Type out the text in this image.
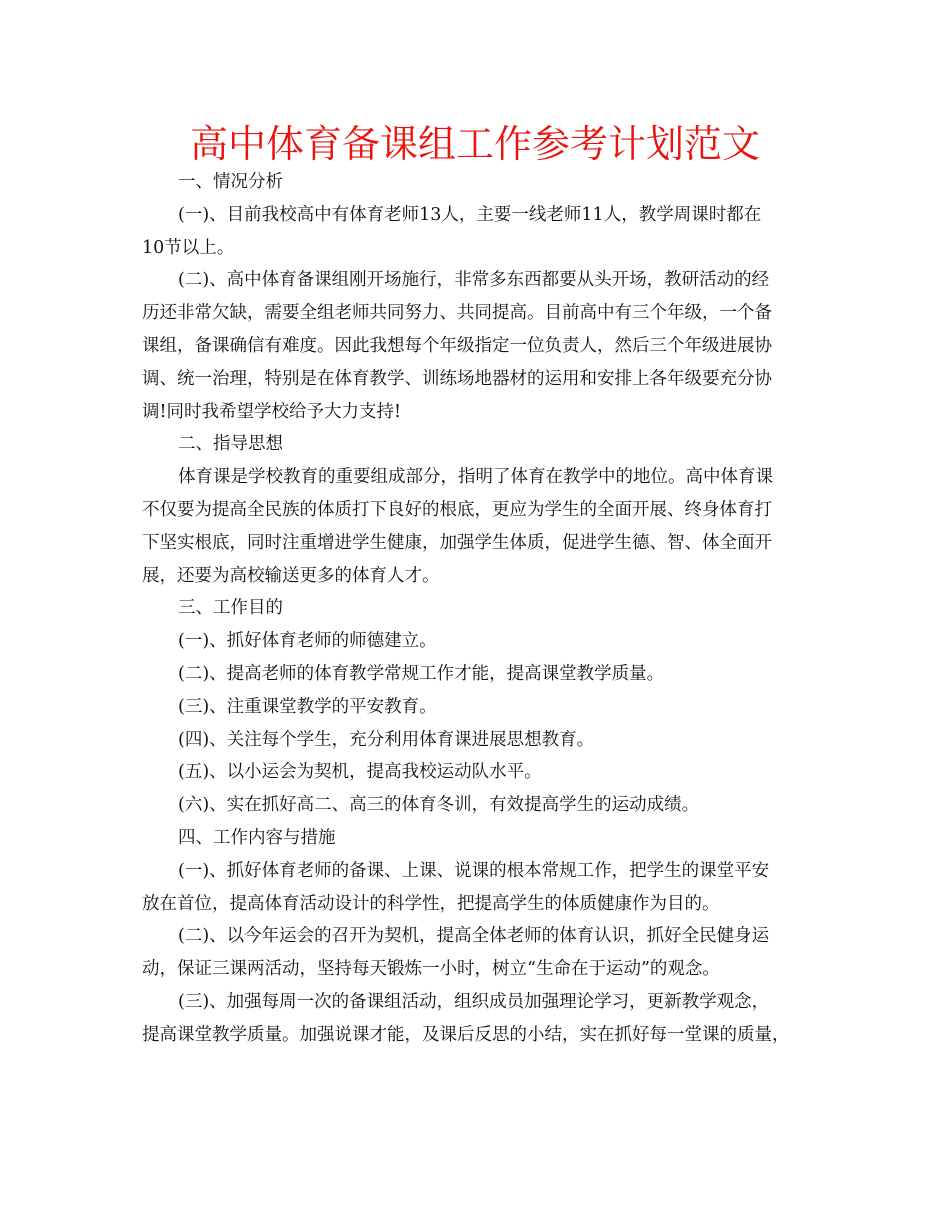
高中体育备课组工作参考计划范文
一、情况分析
(一)、目前我校高中有体育老师13人，主要一线老师11人，教学周课时都在
10节以上。
(二)、高中体育备课组刚开场施行，非常多东西都要从头开场，教研活动的经
历还非常欠缺，需要全组老师共同努力、共同提高。目前高中有三个年级，一个备
课组，备课确信有难度。因此我想每个年级指定一位负责人，然后三个年级进展协
调、统一治理，特别是在体育教学、训练场地器材的运用和安排上各年级要充分协
调!同时我希望学校给予大力支持!
二、指导思想
体育课是学校教育的重要组成部分，指明了体育在教学中的地位。高中体育课
不仅要为提高全民族的体质打下良好的根底，更应为学生的全面开展、终身体育打
下坚实根底，同时注重增进学生健康，加强学生体质，促进学生德、智、体全面开
展，还要为高校输送更多的体育人才。
三、工作目的
(一)、抓好体育老师的师德建立。
(二)、提高老师的体育教学常规工作才能，提高课堂教学质量。
(三)、注重课堂教学的平安教育。
(四)、关注每个学生，充分利用体育课进展思想教育。
(五)、以小运会为契机，提高我校运动队水平。
(六)、实在抓好高二、高三的体育冬训，有效提高学生的运动成绩。
四、工作内容与措施
(一)、抓好体育老师的备课、上课、说课的根本常规工作，把学生的课堂平安
放在首位，提高体育活动设计的科学性，把提高学生的体质健康作为目的。
(二)、以今年运会的召开为契机，提高全体老师的体育认识，抓好全民健身运
动，保证三课两活动，坚持每天锻炼一小时，树立“生命在于运动”的观念。
(三)、加强每周一次的备课组活动，组织成员加强理论学习，更新教学观念，
提高课堂教学质量。加强说课才能，及课后反思的小结，实在抓好每一堂课的质量，
